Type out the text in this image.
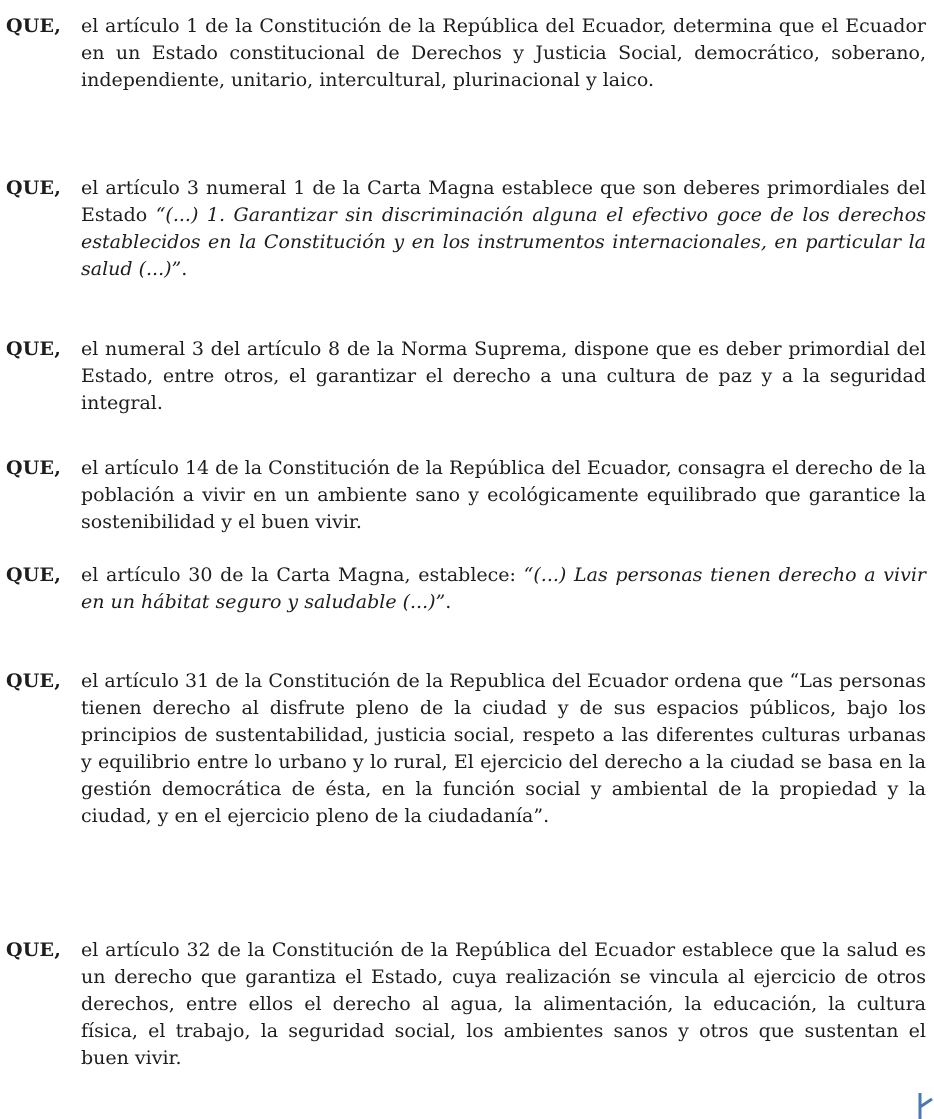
QUE, el artículo 1 de la Constitución de la República del Ecuador, determina que el Ecuador en un Estado constitucional de Derechos y Justicia Social, democrático, soberano, independiente, unitario, intercultural, plurinacional y laico.
QUE, el artículo 3 numeral 1 de la Carta Magna establece que son deberes primordiales del Estado “(...) 1. Garantizar sin discriminación alguna el efectivo goce de los derechos establecidos en la Constitución y en los instrumentos internacionales, en particular la salud (...)”.
QUE, el numeral 3 del artículo 8 de la Norma Suprema, dispone que es deber primordial del Estado, entre otros, el garantizar el derecho a una cultura de paz y a la seguridad integral.
QUE, el artículo 14 de la Constitución de la República del Ecuador, consagra el derecho de la población a vivir en un ambiente sano y ecológicamente equilibrado que garantice la sostenibilidad y el buen vivir.
QUE, el artículo 30 de la Carta Magna, establece: “(...) Las personas tienen derecho a vivir en un hábitat seguro y saludable (...)”.
QUE, el artículo 31 de la Constitución de la Republica del Ecuador ordena que “Las personas tienen derecho al disfrute pleno de la ciudad y de sus espacios públicos, bajo los principios de sustentabilidad, justicia social, respeto a las diferentes culturas urbanas y equilibrio entre lo urbano y lo rural, El ejercicio del derecho a la ciudad se basa en la gestión democrática de ésta, en la función social y ambiental de la propiedad y la ciudad, y en el ejercicio pleno de la ciudadanía”.
QUE, el artículo 32 de la Constitución de la República del Ecuador establece que la salud es un derecho que garantiza el Estado, cuya realización se vincula al ejercicio de otros derechos, entre ellos el derecho al agua, la alimentación, la educación, la cultura física, el trabajo, la seguridad social, los ambientes sanos y otros que sustentan el buen vivir.
